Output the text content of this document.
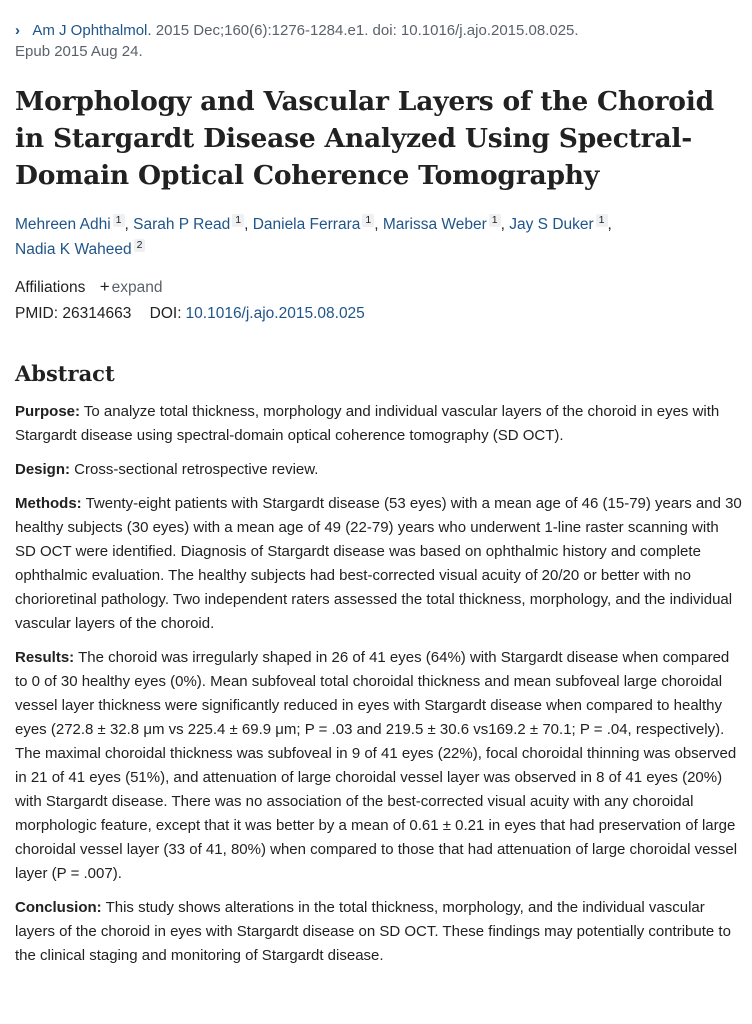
› Am J Ophthalmol. 2015 Dec;160(6):1276-1284.e1. doi: 10.1016/j.ajo.2015.08.025.
Epub 2015 Aug 24.
Morphology and Vascular Layers of the Choroid in Stargardt Disease Analyzed Using Spectral-Domain Optical Coherence Tomography
Mehreen Adhi 1 , Sarah P Read 1 , Daniela Ferrara 1 , Marissa Weber 1 , Jay S Duker 1 ,
Nadia K Waheed 2
Affiliations + expand
PMID: 26314663 DOI: 10.1016/j.ajo.2015.08.025
Abstract

Purpose: To analyze total thickness, morphology and individual vascular layers of the choroid in eyes with Stargardt disease using spectral-domain optical coherence tomography (SD OCT).

Design: Cross-sectional retrospective review.

Methods: Twenty-eight patients with Stargardt disease (53 eyes) with a mean age of 46 (15-79) years and 30 healthy subjects (30 eyes) with a mean age of 49 (22-79) years who underwent 1-line raster scanning with SD OCT were identified. Diagnosis of Stargardt disease was based on ophthalmic history and complete ophthalmic evaluation. The healthy subjects had best-corrected visual acuity of 20/20 or better with no chorioretinal pathology. Two independent raters assessed the total thickness, morphology, and the individual vascular layers of the choroid.

Results: The choroid was irregularly shaped in 26 of 41 eyes (64%) with Stargardt disease when compared to 0 of 30 healthy eyes (0%). Mean subfoveal total choroidal thickness and mean subfoveal large choroidal vessel layer thickness were significantly reduced in eyes with Stargardt disease when compared to healthy eyes (272.8 ± 32.8 μm vs 225.4 ± 69.9 μm; P = .03 and 219.5 ± 30.6 vs169.2 ± 70.1; P = .04, respectively). The maximal choroidal thickness was subfoveal in 9 of 41 eyes (22%), focal choroidal thinning was observed in 21 of 41 eyes (51%), and attenuation of large choroidal vessel layer was observed in 8 of 41 eyes (20%) with Stargardt disease. There was no association of the best-corrected visual acuity with any choroidal morphologic feature, except that it was better by a mean of 0.61 ± 0.21 in eyes that had preservation of large choroidal vessel layer (33 of 41, 80%) when compared to those that had attenuation of large choroidal vessel layer (P = .007).

Conclusion: This study shows alterations in the total thickness, morphology, and the individual vascular layers of the choroid in eyes with Stargardt disease on SD OCT. These findings may potentially contribute to the clinical staging and monitoring of Stargardt disease.
